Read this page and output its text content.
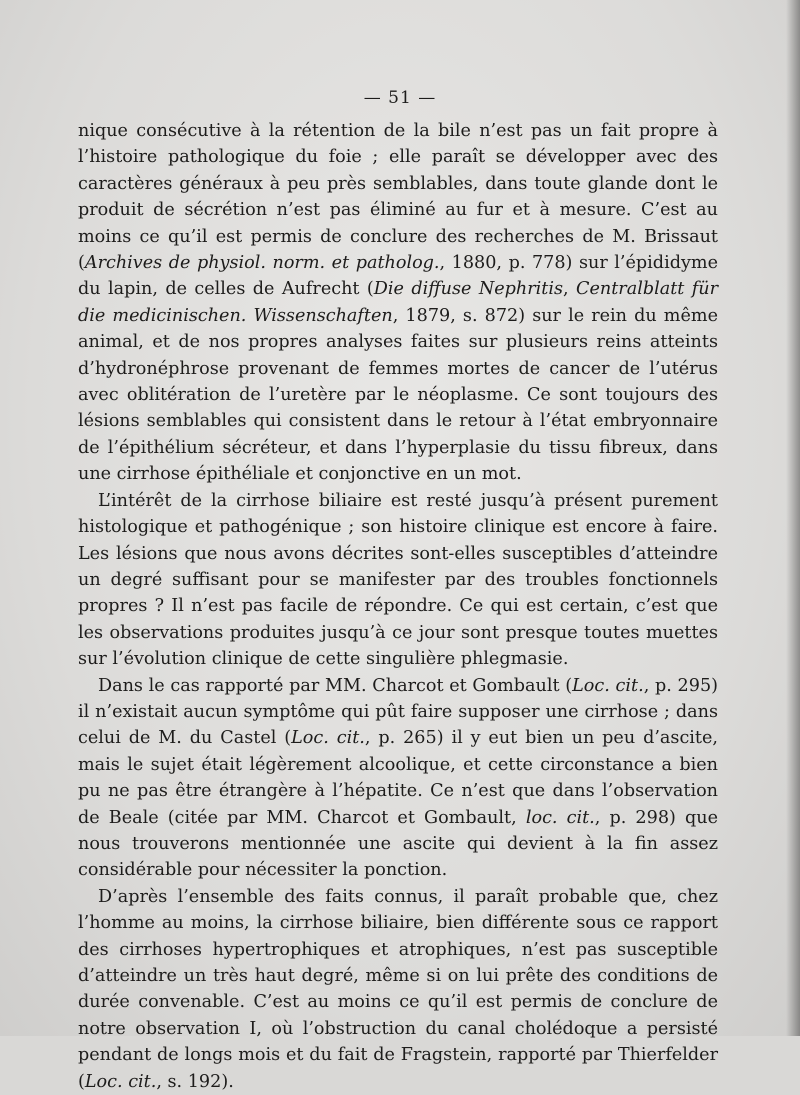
— 51 —

nique consécutive à la rétention de la bile n’est pas un fait propre à l’histoire pathologique du foie ; elle paraît se développer avec des caractères généraux à peu près semblables, dans toute glande dont le produit de sécrétion n’est pas éliminé au fur et à mesure. C’est au moins ce qu’il est permis de conclure des recherches de M. Brissaut (Archives de physiol. norm. et patholog., 1880, p. 778) sur l’épididyme du lapin, de celles de Aufrecht (Die diffuse Nephritis, Centralblatt für die medicinischen. Wissenschaften, 1879, s. 872) sur le rein du même animal, et de nos propres analyses faites sur plusieurs reins atteints d’hydronéphrose provenant de femmes mortes de cancer de l’utérus avec oblitération de l’uretère par le néoplasme. Ce sont toujours des lésions semblables qui consistent dans le retour à l’état embryonnaire de l’épithélium sécréteur, et dans l’hyperplasie du tissu fibreux, dans une cirrhose épithéliale et conjonctive en un mot.

L’intérêt de la cirrhose biliaire est resté jusqu’à présent purement histologique et pathogénique ; son histoire clinique est encore à faire. Les lésions que nous avons décrites sont-elles susceptibles d’atteindre un degré suffisant pour se manifester par des troubles fonctionnels propres ? Il n’est pas facile de répondre. Ce qui est certain, c’est que les observations produites jusqu’à ce jour sont presque toutes muettes sur l’évolution clinique de cette singulière phlegmasie.

Dans le cas rapporté par MM. Charcot et Gombault (Loc. cit., p. 295) il n’existait aucun symptôme qui pût faire supposer une cirrhose ; dans celui de M. du Castel (Loc. cit., p. 265) il y eut bien un peu d’ascite, mais le sujet était légèrement alcoolique, et cette circonstance a bien pu ne pas être étrangère à l’hépatite. Ce n’est que dans l’observation de Beale (citée par MM. Charcot et Gombault, loc. cit., p. 298) que nous trouverons mentionnée une ascite qui devient à la fin assez considérable pour nécessiter la ponction.

D’après l’ensemble des faits connus, il paraît probable que, chez l’homme au moins, la cirrhose biliaire, bien différente sous ce rapport des cirrhoses hypertrophiques et atrophiques, n’est pas susceptible d’atteindre un très haut degré, même si on lui prête des conditions de durée convenable. C’est au moins ce qu’il est permis de conclure de notre observation I, où l’obstruction du canal cholédoque a persisté pendant de longs mois et du fait de Fragstein, rapporté par Thierfelder (Loc. cit., s. 192).
